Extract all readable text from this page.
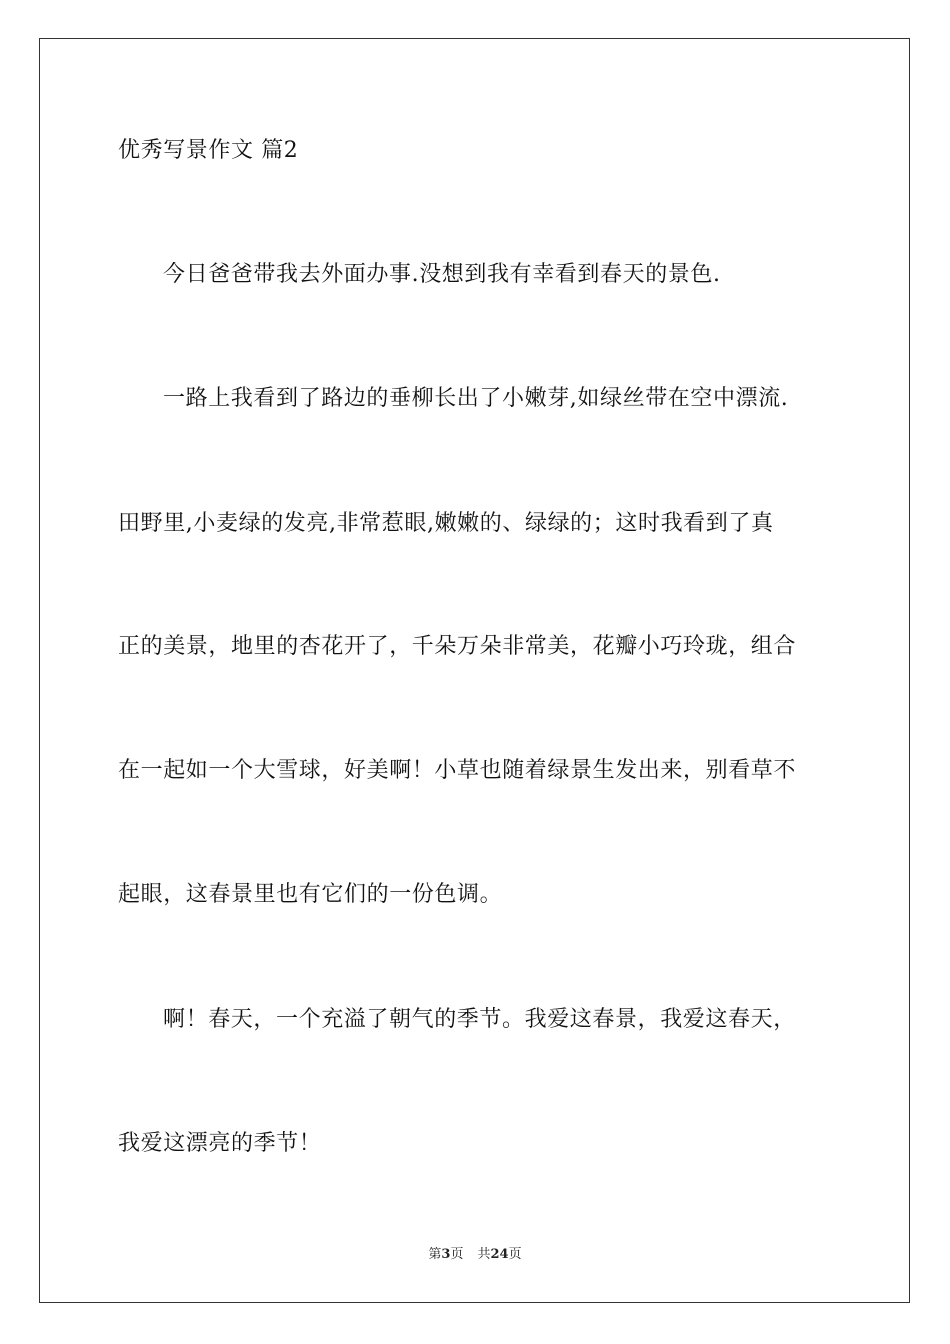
优秀写景作文 篇2
今日爸爸带我去外面办事.没想到我有幸看到春天的景色.
一路上我看到了路边的垂柳长出了小嫩芽,如绿丝带在空中漂流.
田野里,小麦绿的发亮,非常惹眼,嫩嫩的、绿绿的；这时我看到了真
正的美景，地里的杏花开了，千朵万朵非常美，花瓣小巧玲珑，组合
在一起如一个大雪球，好美啊！小草也随着绿景生发出来，别看草不
起眼，这春景里也有它们的一份色调。
啊！春天，一个充溢了朝气的季节。我爱这春景，我爱这春天，
我爱这漂亮的季节！
第3页 共24页
